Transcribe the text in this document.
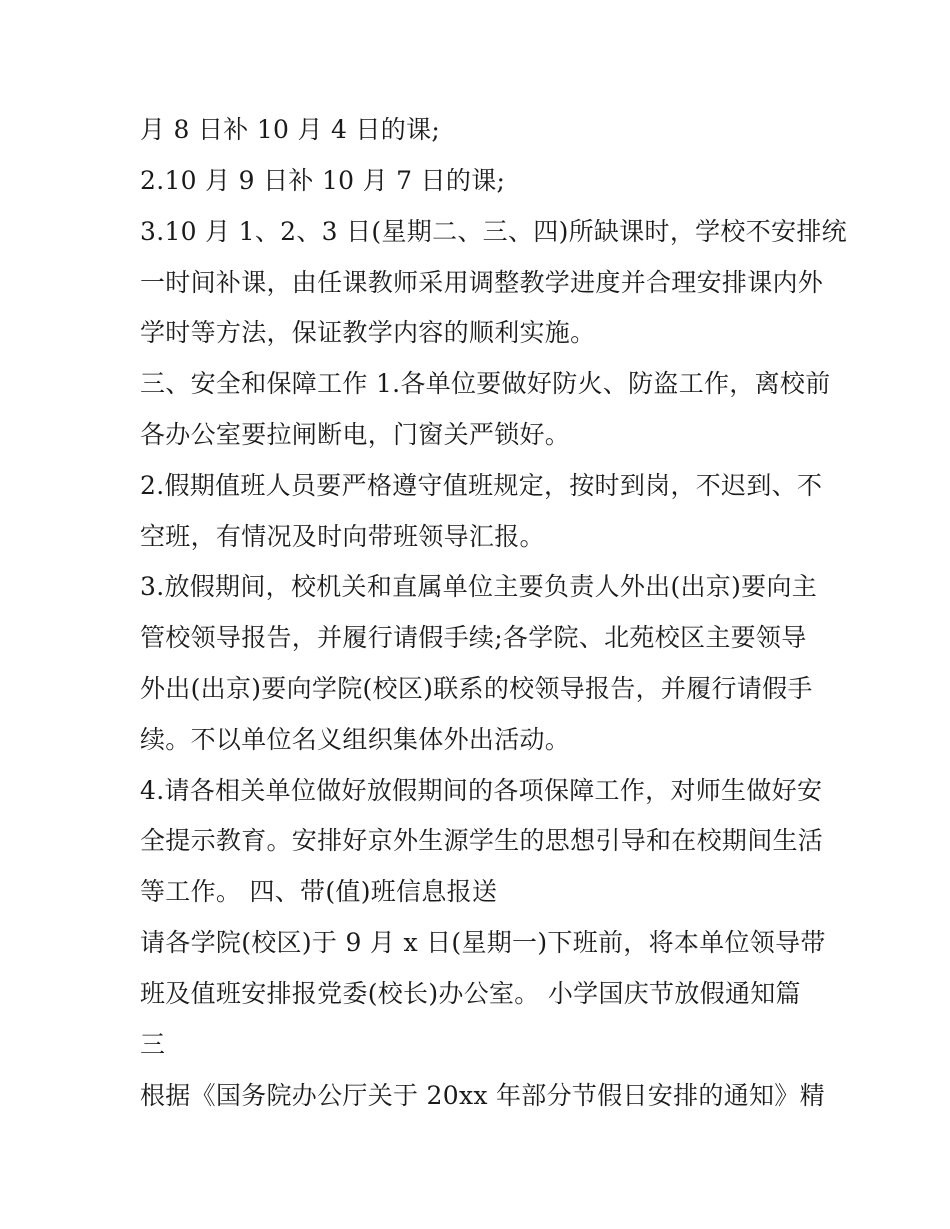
月 8 日补 10 月 4 日的课;
2.10 月 9 日补 10 月 7 日的课;
3.10 月 1、2、3 日(星期二、三、四)所缺课时，学校不安排统
一时间补课，由任课教师采用调整教学进度并合理安排课内外
学时等方法，保证教学内容的顺利实施。
三、安全和保障工作 1.各单位要做好防火、防盗工作，离校前
各办公室要拉闸断电，门窗关严锁好。
2.假期值班人员要严格遵守值班规定，按时到岗，不迟到、不
空班，有情况及时向带班领导汇报。
3.放假期间，校机关和直属单位主要负责人外出(出京)要向主
管校领导报告，并履行请假手续;各学院、北苑校区主要领导
外出(出京)要向学院(校区)联系的校领导报告，并履行请假手
续。不以单位名义组织集体外出活动。
4.请各相关单位做好放假期间的各项保障工作，对师生做好安
全提示教育。安排好京外生源学生的思想引导和在校期间生活
等工作。 四、带(值)班信息报送
请各学院(校区)于 9 月 x 日(星期一)下班前，将本单位领导带
班及值班安排报党委(校长)办公室。 小学国庆节放假通知篇
三
根据《国务院办公厅关于 20xx 年部分节假日安排的通知》精
